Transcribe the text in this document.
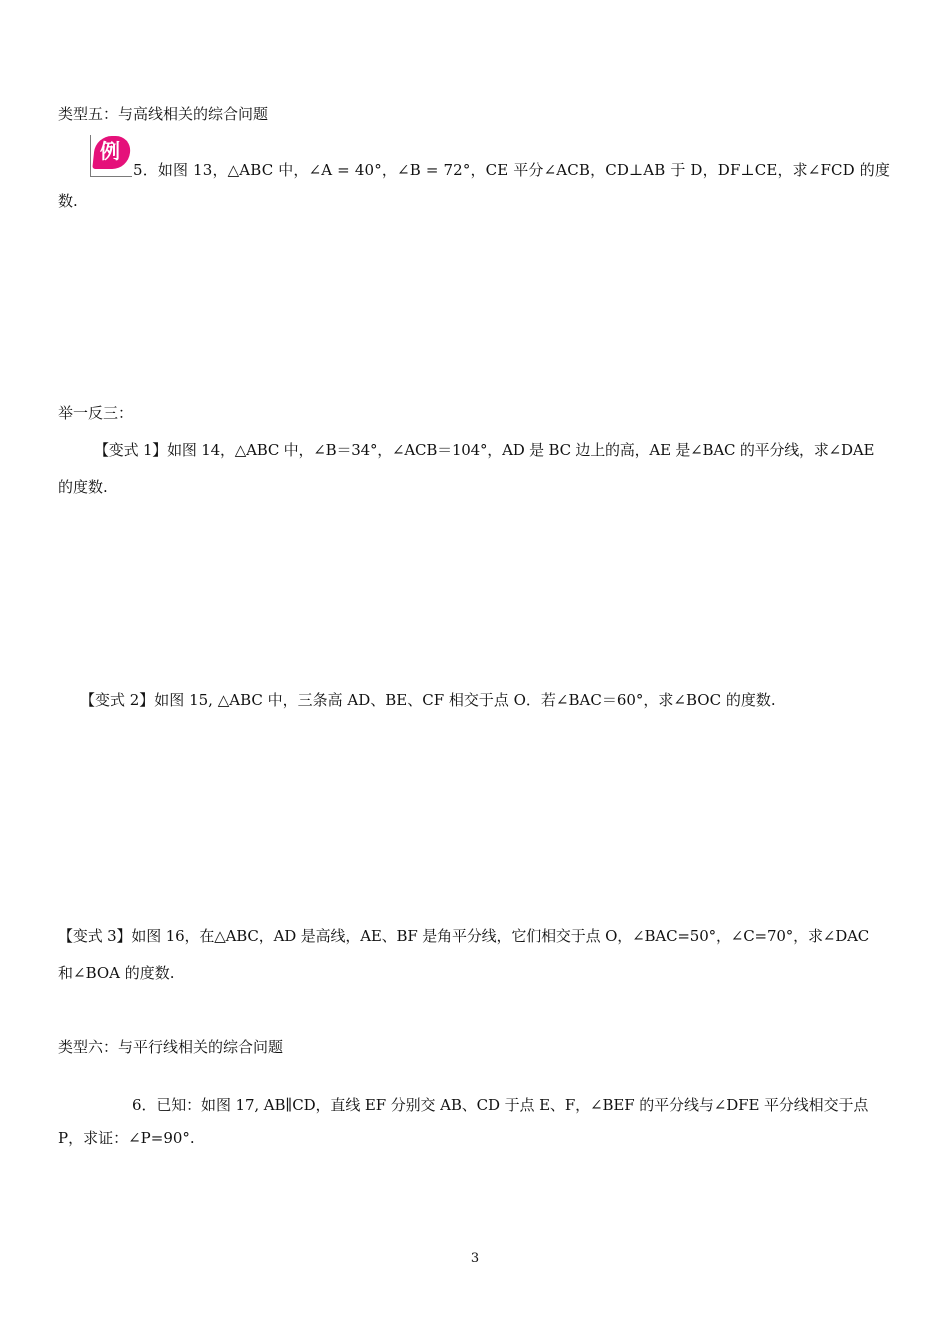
类型五：与高线相关的综合问题
例
5．如图 13，△ABC 中，∠A = 40°，∠B = 72°，CE 平分∠ACB，CD⊥AB 于 D，DF⊥CE，求∠FCD 的度
数.
举一反三：
【变式 1】如图 14，△ABC 中，∠B＝34°，∠ACB＝104°，AD 是 BC 边上的高，AE 是∠BAC 的平分线，求∠DAE
的度数.
【变式 2】如图 15, △ABC 中，三条高 AD、BE、CF 相交于点 O．若∠BAC＝60°，求∠BOC 的度数.
【变式 3】如图 16，在△ABC，AD 是高线，AE、BF 是角平分线，它们相交于点 O，∠BAC=50°，∠C=70°，求∠DAC
和∠BOA 的度数.
类型六：与平行线相关的综合问题
6．已知：如图 17, AB∥CD，直线 EF 分别交 AB、CD 于点 E、F，∠BEF 的平分线与∠DFE 平分线相交于点
P，求证：∠P=90°.
3
